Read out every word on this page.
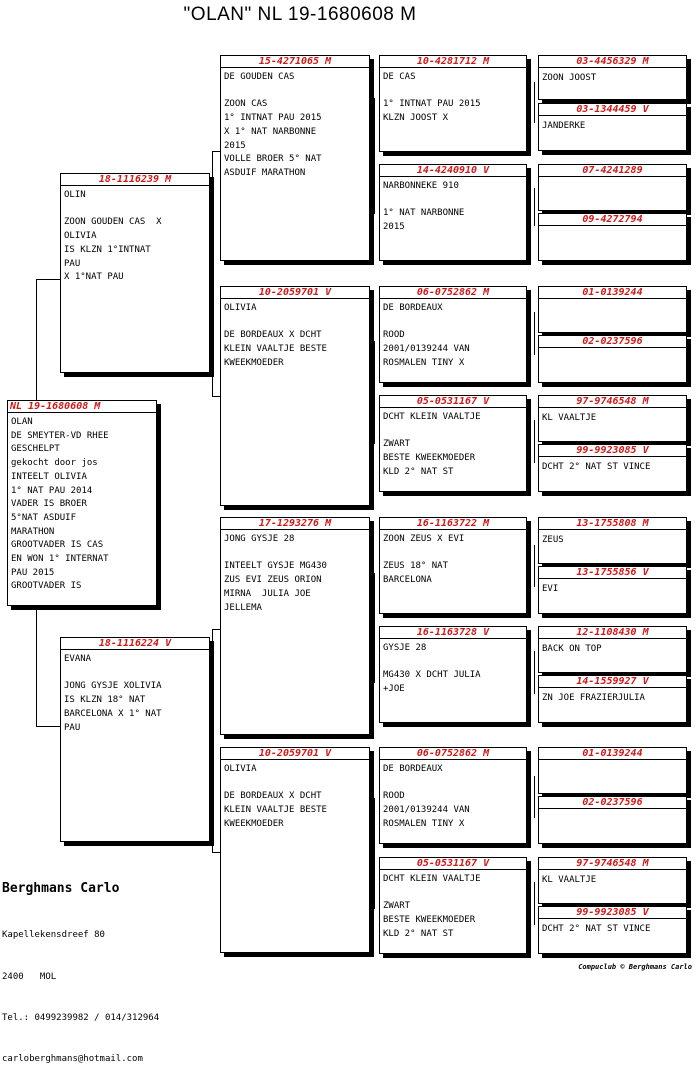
"OLAN" NL 19-1680608 M
NL 19-1680608 M
OLAN
DE SMEYTER-VD RHEE
GESCHELPT
gekocht door jos
INTEELT OLIVIA
1° NAT PAU 2014
VADER IS BROER
5°NAT ASDUIF
MARATHON
GROOTVADER IS CAS
EN WON 1° INTERNAT
PAU 2015
GROOTVADER IS
18-1116239 M
OLIN
ZOON GOUDEN CAS  X
OLIVIA
IS KLZN 1°INTNAT
PAU
X 1°NAT PAU
18-1116224 V
EVANA
JONG GYSJE XOLIVIA
IS KLZN 18° NAT
BARCELONA X 1° NAT
PAU
15-4271065 M
DE GOUDEN CAS
ZOON CAS
1° INTNAT PAU 2015
X 1° NAT NARBONNE
2015
VOLLE BROER 5° NAT
ASDUIF MARATHON
10-2059701 V
OLIVIA
DE BORDEAUX X DCHT
KLEIN VAALTJE BESTE
KWEEKMOEDER
17-1293276 M
JONG GYSJE 28
INTEELT GYSJE MG430
ZUS EVI ZEUS ORION
MIRNA  JULIA JOE
JELLEMA
10-2059701 V
OLIVIA
DE BORDEAUX X DCHT
KLEIN VAALTJE BESTE
KWEEKMOEDER
10-4281712 M
DE CAS
1° INTNAT PAU 2015
KLZN JOOST X
14-4240910 V
NARBONNEKE 910
1° NAT NARBONNE
2015
06-0752862 M
DE BORDEAUX
ROOD
2001/0139244 VAN
ROSMALEN TINY X
05-0531167 V
DCHT KLEIN VAALTJE
ZWART
BESTE KWEEKMOEDER
KLD 2° NAT ST
16-1163722 M
ZOON ZEUS X EVI
ZEUS 18° NAT
BARCELONA
16-1163728 V
GYSJE 28
MG430 X DCHT JULIA
+JOE
06-0752862 M
DE BORDEAUX
ROOD
2001/0139244 VAN
ROSMALEN TINY X
05-0531167 V
DCHT KLEIN VAALTJE
ZWART
BESTE KWEEKMOEDER
KLD 2° NAT ST
03-4456329 M
ZOON JOOST
03-1344459 V
JANDERKE
07-4241289
09-4272794
01-0139244
02-0237596
97-9746548 M
KL VAALTJE
99-9923085 V
DCHT 2° NAT ST VINCE
13-1755808 M
ZEUS
13-1755856 V
EVI
12-1108430 M
BACK ON TOP
14-1559927 V
ZN JOE FRAZIERJULIA
01-0139244
02-0237596
97-9746548 M
KL VAALTJE
99-9923085 V
DCHT 2° NAT ST VINCE
Berghmans Carlo

Kapellekensdreef 80

2400   MOL

Tel.: 0499239982 / 014/312964

carloberghmans@hotmail.com

Compuclub © Berghmans Carlo
